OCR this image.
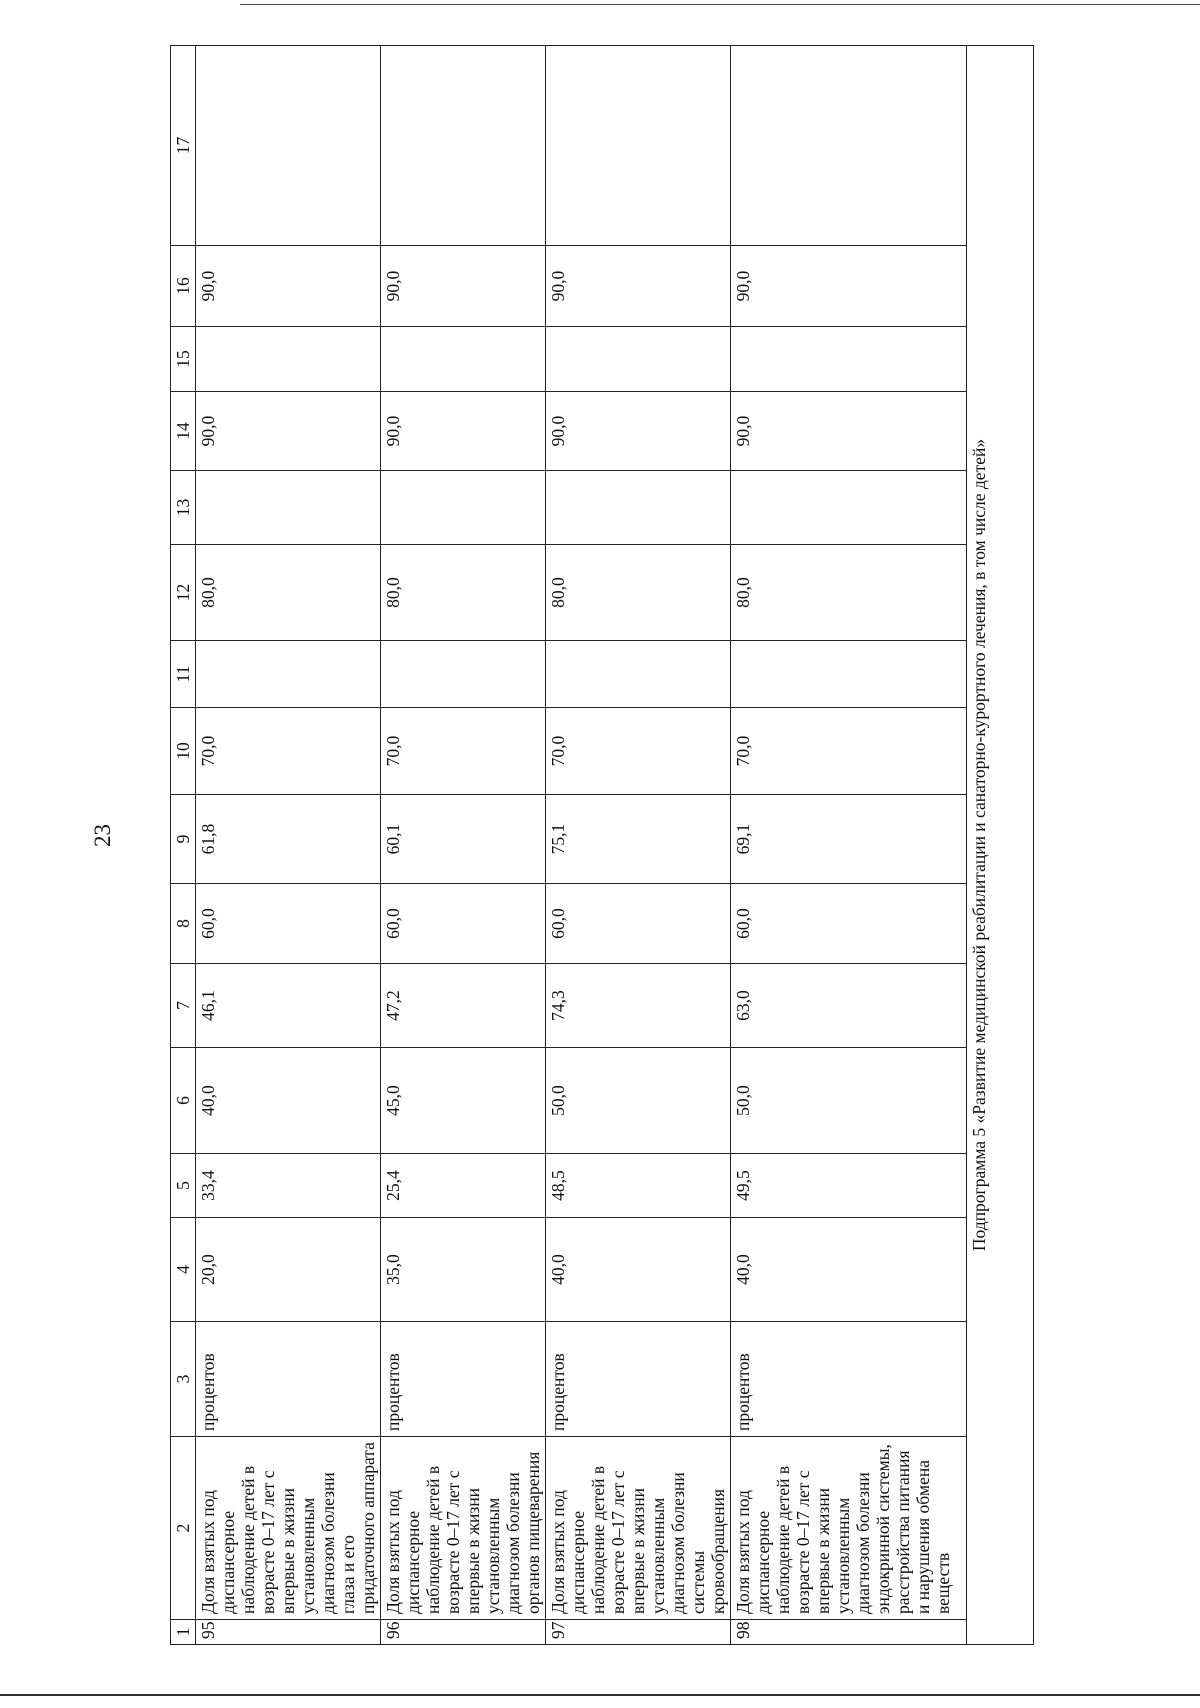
23
1	2	3	4	5	6	7	8	9	10	11	12	13	14	15	16	17
95	Доля взятых под диспансерное наблюдение детей в возрасте 0–17 лет с впервые в жизни установленным диагнозом болезни глаза и его придаточного аппарата	процентов	20,0	33,4	40,0	46,1	60,0	61,8	70,0		80,0		90,0		90,0	
96	Доля взятых под диспансерное наблюдение детей в возрасте 0–17 лет с впервые в жизни установленным диагнозом болезни органов пищеварения	процентов	35,0	25,4	45,0	47,2	60,0	60,1	70,0		80,0		90,0		90,0	
97	Доля взятых под диспансерное наблюдение детей в возрасте 0–17 лет с впервые в жизни установленным диагнозом болезни системы кровообращения	процентов	40,0	48,5	50,0	74,3	60,0	75,1	70,0		80,0		90,0		90,0	
98	Доля взятых под диспансерное наблюдение детей в возрасте 0–17 лет с впервые в жизни установленным диагнозом болезни эндокринной системы, расстройства питания и нарушения обмена веществ	процентов	40,0	49,5	50,0	63,0	60,0	69,1	70,0		80,0		90,0		90,0	
Подпрограмма 5 «Развитие медицинской реабилитации и санаторно-курортного лечения, в том числе детей»																
